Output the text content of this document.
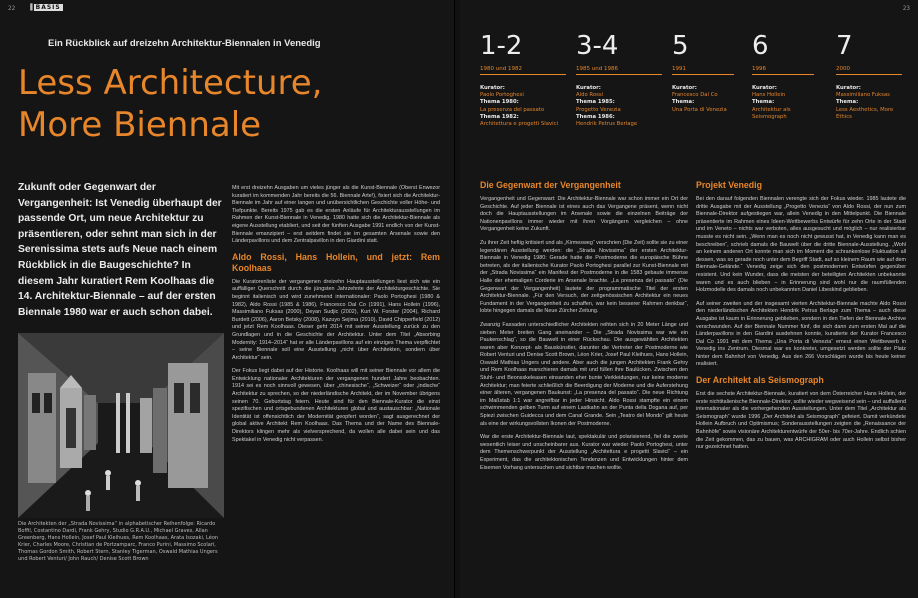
22 ▐ BASIS
Ein Rückblick auf dreizehn Architektur-Biennalen in Venedig
Less Architecture,
More Biennale
Zukunft oder Gegenwart der Vergangenheit: Ist Venedig überhaupt der passende Ort, um neue Architektur zu präsentieren, oder sehnt man sich in der Serenissima stets aufs Neue nach einem Rückblick in die Baugeschichte? In diesem Jahr kuratiert Rem Koolhaas die 14. Architektur-Biennale – auf der ersten Biennale 1980 war er auch schon dabei.
Die Architekten der „Strada Novissima“ in alphabetischer Reihenfolge: Ricardo Boffil, Costantino Dardi, Frank Gehry, Studio G.R.A.U., Michael Graves, Allan Greenberg, Hans Hollein, Josef Paul Kleihues, Rem Koolhaas, Arata Isozaki, Léon Krier, Charles Moore, Christian de Portzamparc, Franco Purini, Massimo Scolari, Thomas Gordon Smith, Robert Stern, Stanley Tigerman, Oswald Mathias Ungers und Robert Venturi/ John Rauch/ Denise Scott Brown

Mit erst dreizehn Ausgaben um vieles jünger als die Kunst-Biennale (Oberst Enwezor kuratiert im kommenden Jahr bereits die 56. Biennale Arte!), fixiert sich die Architektur-Biennale im Jahr auf einer langen und unübersichtlichen Geschichte voller Höhe- und Tiefpunkte. Bereits 1975 gab es die ersten Anläufe für Architekturausstellungen im Rahmen der Kunst-Biennale in Venedig. 1980 hatte sich die Architektur-Biennale als eigene Ausstellung etabliert, und seit der fünften Ausgabe 1991 endlich von der Kunst-Biennale emanzipiert – erst seitdem findet sie im gesamten Arsenale sowie den Länderpavillons und dem Zentralpavillon in den Giardini statt.

Aldo Rossi, Hans Hollein, und jetzt: Rem Koolhaas

Die Kuratorenliste der vergangenen dreizehn Hauptausstellungen liest sich wie ein auffälliger Querschnitt durch die jüngsten Jahrzehnte der Architekturgeschichte. Sie beginnt italienisch und wird zunehmend internationaler: Paolo Portoghesi (1980 & 1982), Aldo Rossi (1985 & 1986), Francesco Dal Co (1991), Hans Hollein (1996), Massimiliano Fuksas (2000), Deyan Sudjic (2002), Kurt W. Forster (2004), Richard Burdett (2006), Aaron Betsky (2008), Kazuyo Sejima (2010), David Chipperfield (2012) und jetzt Rem Koolhaas. Dieser geht 2014 mit seiner Ausstellung zurück zu den Grundlagen und in die Geschichte der Architektur. Unter dem Titel „Absorbing Modernity: 1914–2014“ hat er alle Länderpavillons auf ein einziges Thema verpflichtet – seine Biennale soll eine Ausstellung „nicht über Architekten, sondern über Architektur“ sein.

Der Fokus liegt dabei auf der Historie. Koolhaas will mit seiner Biennale vor allem die Entwicklung nationaler Architekturen der vergangenen hundert Jahre beobachten. 1914 sei es noch sinnvoll gewesen, über „chinesische“, „Schweizer“ oder „indische“ Architektur zu sprechen, so der niederländische Architekt, der im November übrigens seinen 70. Geburtstag feiern. Heute sind für den Biennale-Kurator die einst spezifischen und ortsgebundenen Architekturen global und austauschbar: „Nationale Identität ist offensichtlich der Modernität geopfert worden“, sagt ausgerechnet der global aktive Architekt Rem Koolhaas. Das Thema und der Name des Biennale-Direktors klingen mehr als vielversprechend, da wollen alle dabei sein und das Spektakel in Venedig nicht verpassen.

23
1-2
1980 und 1982
Kurator:
Paolo Portoghesi
Thema 1980:
La presenza del passato
Thema 1982:
Architettura e progetti Slavici
3-4
1985 und 1986
Kurator:
Aldo Rossi
Thema 1985:
Progetto Venezia
Thema 1986:
Hendrik Petrus Berlage
5
1991
Kurator:
Francesco Dal Co
Thema:
Una Porta di Venezia
6
1996
Kurator:
Hans Hollein
Thema:
Architektur als Seismograph
7
2000
Kurator:
Massimiliano Fuksas
Thema:
Less Aesthetics, More Ethics
Die Gegenwart der Vergangenheit

Vergangenheit und Gegenwart: Die Architektur-Biennale war schon immer ein Ort der Geschichte. Auf jeder Biennale ist eines auch das Vergangene präsent, wenn nicht doch die Hauptausstellungen im Arsenale sowie die einzelnen Beiträge der Nationenpavillons immer wieder mit ihren Vorgängern vergleichen – ohne Vergangenheit keine Zukunft.

Zu ihrer Zeit heftig kritisiert und als „Kirmesweg“ verschrien (Die Zeit) sollte sie zu einer legendären Ausstellung werden: die „Strada Novissima“ der ersten Architektur-Biennale in Venedig 1980: Gerade hatte die Postmoderne die europäische Bühne betreten, als der italienische Kurator Paolo Portoghesi parallel zur Kunst-Biennale mit der „Strada Novissima“ ein Manifest der Postmoderne in die 1583 gebaute immense Halle der ehemaligen Corderie im Arsenale brachte. „La presenza del passato“ (Die Gegenwart der Vergangenheit) lautete der programmatische Titel der ersten Architektur-Biennale. „Für den Versuch, der zeitgenössischen Architektur ein neues Fundament in der Vergangenheit zu schaffen, war kein besserer Rahmen denkbar“, lobte hingegen damals die Neue Zürcher Zeitung.

Zwanzig Fassaden unterschiedlicher Architekten reihten sich in 20 Meter Länge und sieben Meter breiten Gang aneinander – Die „Strada Novissima war wie ein Paukenschlag“, so die Bauwelt in einer Rückschau. Die ausgewählten Architekten waren aber Konzept- als Bauskünstler, darunter die Vertreter der Postmoderne wie Robert Venturi und Denise Scott Brown, Léon Krier, Josef Paul Kleihues, Hans Hollein, Oswald Mathias Ungers und andere. Aber auch die jungen Architekten Frank Gehry und Rem Koolhaas marschieren damals mit und füllen ihre Baulücken. Zwischen den Stuhl- und Beonsskeleasen einsanden eher bunte Verkleidungen, nur keine moderne Architektur; man feierte schließlich die Beerdigung der Moderne und die Auferstehung einer älteren, vergangenen Baukunst: „La presenza del passato“. Die neue Richtung im Maßstab 1:1 war angreifbar in jeder Hinsicht. Aldo Rossi stampfte ein einem schwimmenden gelben Turm auf einem Lastkahn an der Punta della Dogana auf, per Spiezi zwischen Guidecca und dem Canal Grande. Sein „Teatro del Mondo“ gilt heute als eine der wirkungsvollsten Ikonen der Postmoderne.

War die erste Architektur-Biennale laut, spektakulär und polarisierend, fiel die zweite wesentlich leiser und unscheinbarer aus. Kurator war wieder Paolo Portoghesi, unter dem Themenschwerpunkt der Ausstellung „Architettura e progetti Slavici“ – ein Experiment, das die architektonischen Tendenzen und Entwicklungen hinter dem Eisernen Vorhang untersuchen und sichtbar machen wollte.

Projekt Venedig

Bei den darauf folgenden Biennalen verengte sich der Fokus wieder. 1985 lautete die dritte Ausgabe mit der Ausstellung „Progetto Venezia“ von Aldo Rossi, der nun zum Biennale-Direktor aufgestiegen war, allein Venedig in den Mittelpunkt. Die Biennale präsentierte im Rahmen eines Ideen-Wettbewerbs Entwürfe für zehn Orte in der Stadt und im Veneto – nichts war verboten, alles ausgesucht und möglich – nur realisierbar musste es nicht sein. „Wenn man es noch nicht gewusst hat, in Venedig kann man es beschreiben“, schrieb damals die Bauwelt über die dritte Biennale-Ausstellung. „Wohl an keinem anderen Ort konnte man sich im Moment die schrankenlose Fluktuation all dessen, was so gerade noch unter dem Begriff Stadt, auf so kleinem Raum wie auf dem Biennale-Gelände.“ Venedig zeige sich den postmodernen Entwürfen gegenüber resistent. Und kein Wunder, dass die meisten der beteiligten Architekten unbekannte waren und es auch blieben – in Erinnerung sind wohl nur die raumfüllenden Holzmodelle des damals noch unbekannten Daniel Libeskind geblieben.

Auf seiner zweiten und der insgesamt vierten Architektur-Biennale machte Aldo Rossi den niederländischen Architekten Hendrik Petrus Berlage zum Thema – auch diese Ausgabe ist kaum in Erinnerung geblieben, sondern in den Tiefen der Biennale-Archive verschwunden. Auf der Biennale Nummer fünf, die sich dann zum ersten Mal auf die Länderpavillons in den Giardini ausdehnen konnte, kuratierte der Kurator Francesco Dal Co 1991 mit dem Thema „Una Porta di Venezia“ erneut einen Wettbewerb in Venedig ins Zentrum. Diesmal war es konkreter, umgesetzt werden sollte der Platz hinter dem Bahnhof von Venedig. Aus den 266 Vorschlägen wurde bis heute keiner realisiert.

Der Architekt als Seismograph

Erst die sechste Architektur-Biennale, kuratiert von dem Österreicher Hans Hollein, der erste nichtitalienische Biennale-Direktor, sollte wieder wegweisend sein – und auffallend internationaler als die vorhergehenden Ausstellungen. Unter dem Titel „Architektur als Seismograph“ wurde 1996 „Der Architekt als Seismograph“ gefeiert. Damit verkündete Hollein Aufbruch und Optimismus; Sonderausstellungen zeigten die „Renaissance der Bahnhöfe“ sowie visionäre Architekturentwürfe der 50er- bis 70er-Jahre. Endlich schien die Zeit gekommen, das zu bauen, was ARCHIGRAM oder auch Hollein selbst bisher nur gezeichnet hatten.
